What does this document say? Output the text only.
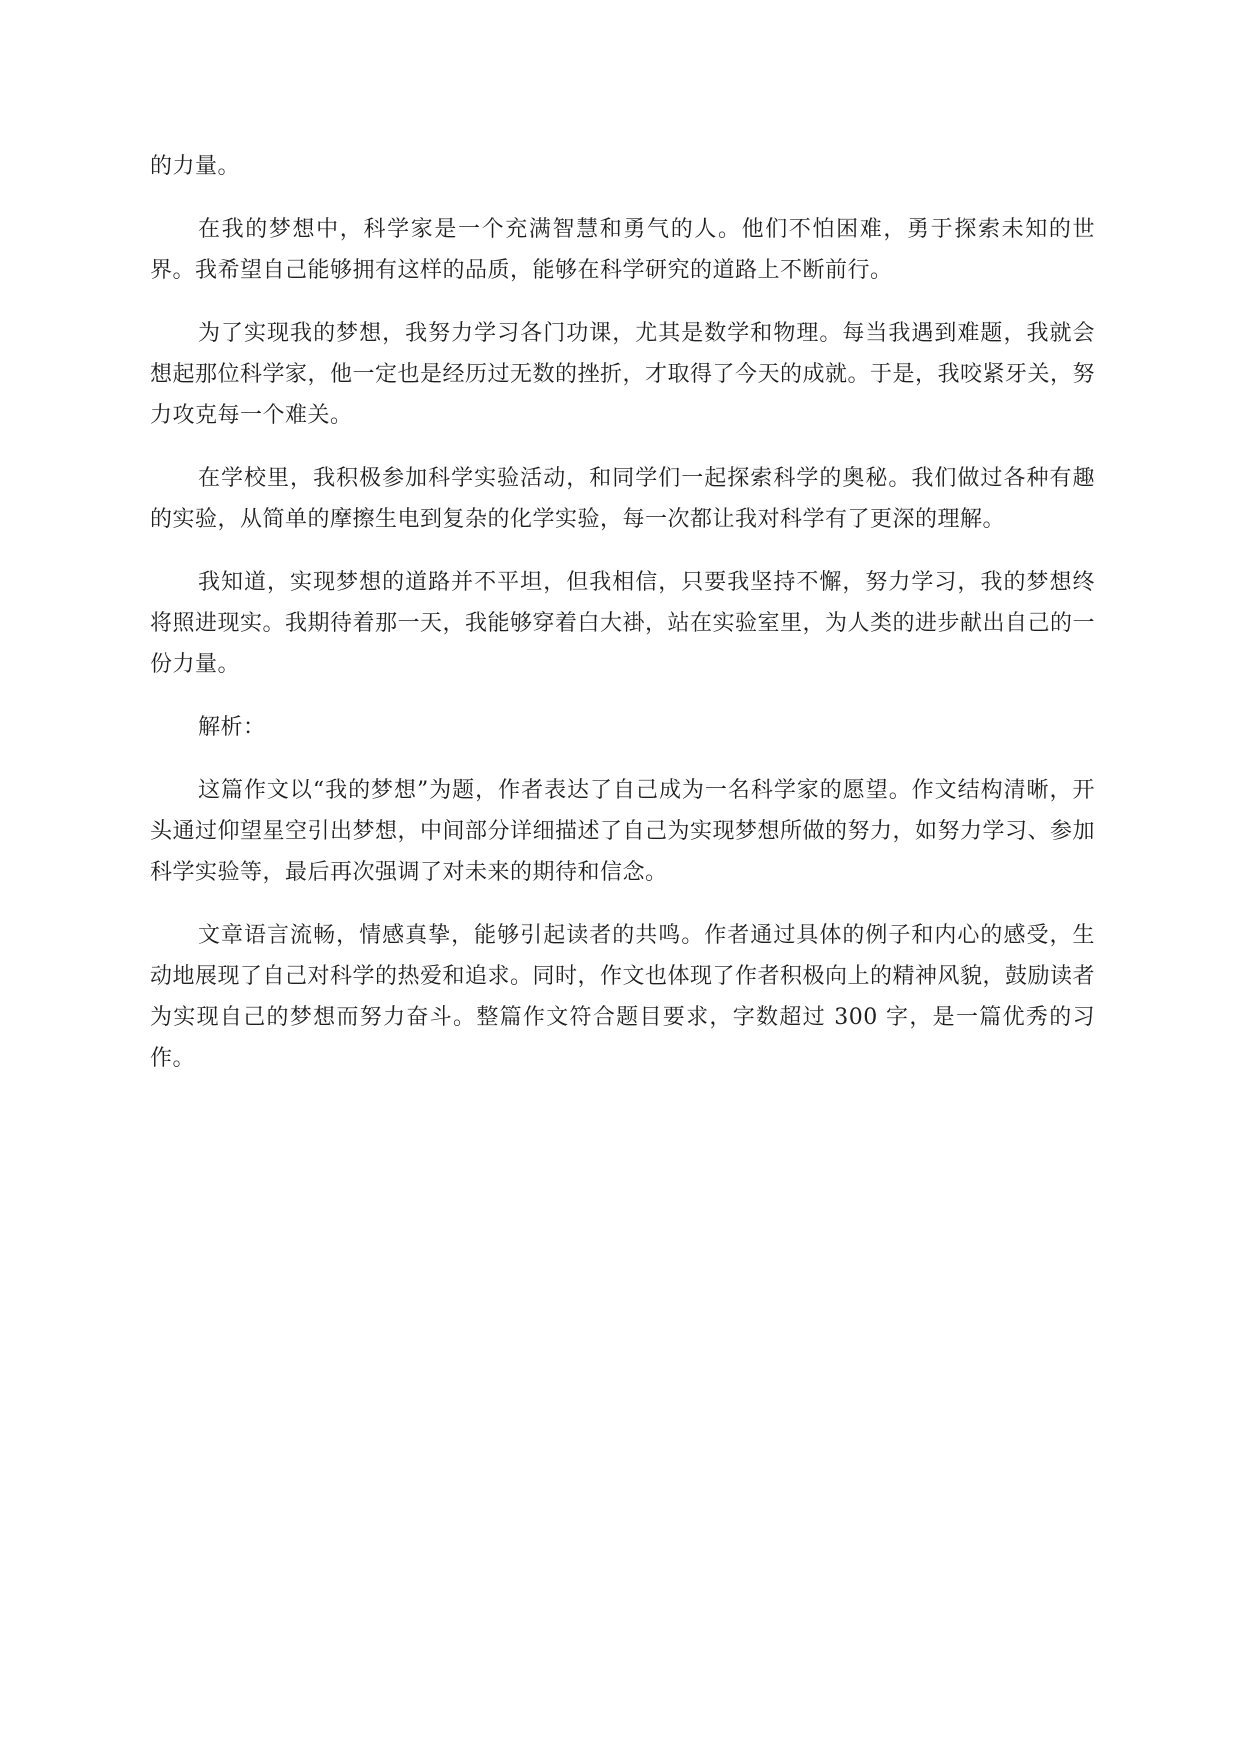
的力量。

在我的梦想中，科学家是一个充满智慧和勇气的人。他们不怕困难，勇于探索未知的世界。我希望自己能够拥有这样的品质，能够在科学研究的道路上不断前行。

为了实现我的梦想，我努力学习各门功课，尤其是数学和物理。每当我遇到难题，我就会想起那位科学家，他一定也是经历过无数的挫折，才取得了今天的成就。于是，我咬紧牙关，努力攻克每一个难关。

在学校里，我积极参加科学实验活动，和同学们一起探索科学的奥秘。我们做过各种有趣的实验，从简单的摩擦生电到复杂的化学实验，每一次都让我对科学有了更深的理解。

我知道，实现梦想的道路并不平坦，但我相信，只要我坚持不懈，努力学习，我的梦想终将照进现实。我期待着那一天，我能够穿着白大褂，站在实验室里，为人类的进步献出自己的一份力量。

解析：

这篇作文以“我的梦想”为题，作者表达了自己成为一名科学家的愿望。作文结构清晰，开头通过仰望星空引出梦想，中间部分详细描述了自己为实现梦想所做的努力，如努力学习、参加科学实验等，最后再次强调了对未来的期待和信念。

文章语言流畅，情感真挚，能够引起读者的共鸣。作者通过具体的例子和内心的感受，生动地展现了自己对科学的热爱和追求。同时，作文也体现了作者积极向上的精神风貌，鼓励读者为实现自己的梦想而努力奋斗。整篇作文符合题目要求，字数超过 300 字，是一篇优秀的习作。
